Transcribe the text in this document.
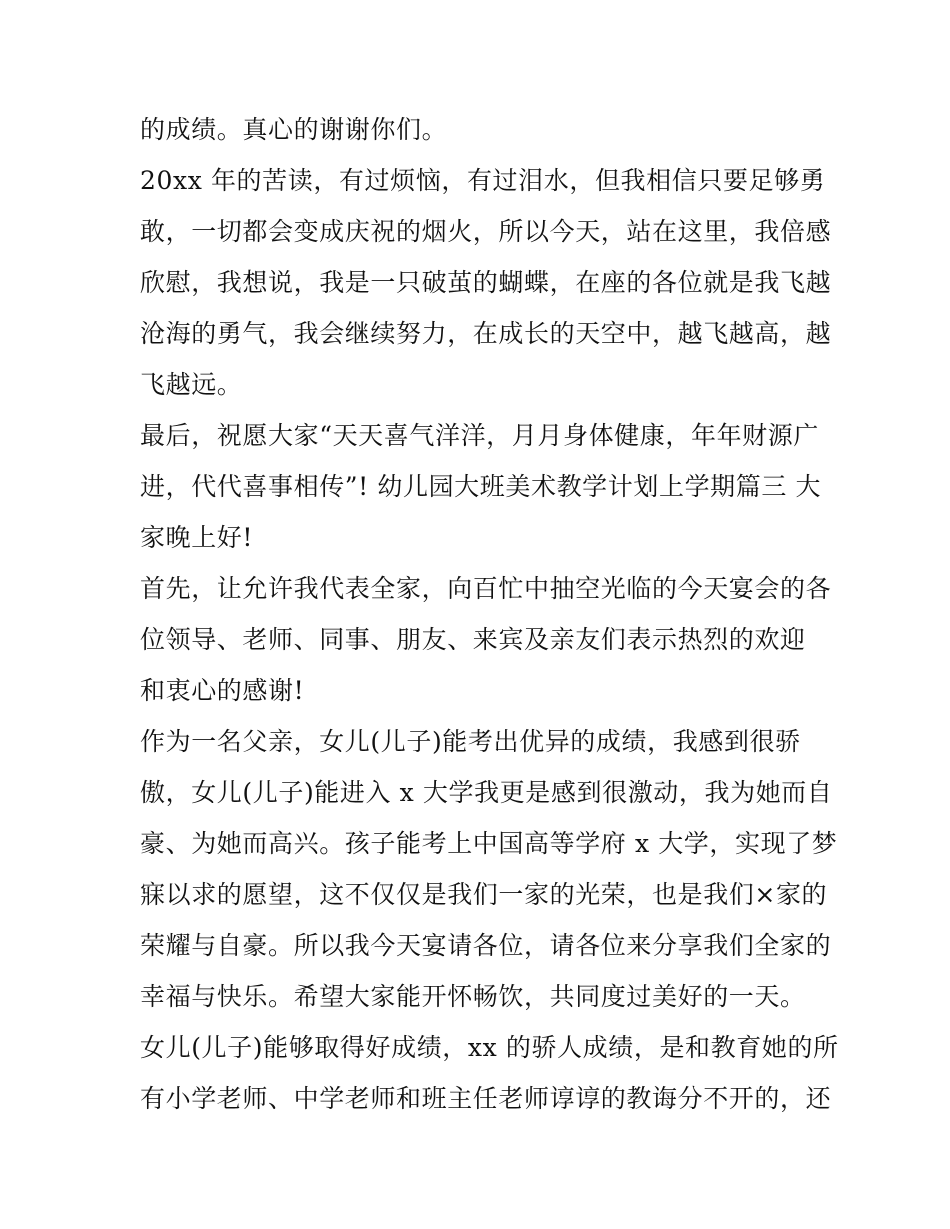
的成绩。真心的谢谢你们。
20xx 年的苦读，有过烦恼，有过泪水，但我相信只要足够勇
敢，一切都会变成庆祝的烟火，所以今天，站在这里，我倍感
欣慰，我想说，我是一只破茧的蝴蝶，在座的各位就是我飞越
沧海的勇气，我会继续努力，在成长的天空中，越飞越高，越
飞越远。
最后，祝愿大家“天天喜气洋洋，月月身体健康，年年财源广
进，代代喜事相传”! 幼儿园大班美术教学计划上学期篇三 大
家晚上好!
首先，让允许我代表全家，向百忙中抽空光临的今天宴会的各
位领导、老师、同事、朋友、来宾及亲友们表示热烈的欢迎
和衷心的感谢!
作为一名父亲，女儿(儿子)能考出优异的成绩，我感到很骄
傲，女儿(儿子)能进入 x 大学我更是感到很激动，我为她而自
豪、为她而高兴。孩子能考上中国高等学府 x 大学，实现了梦
寐以求的愿望，这不仅仅是我们一家的光荣，也是我们×家的
荣耀与自豪。所以我今天宴请各位，请各位来分享我们全家的
幸福与快乐。希望大家能开怀畅饮，共同度过美好的一天。
女儿(儿子)能够取得好成绩，xx 的骄人成绩，是和教育她的所
有小学老师、中学老师和班主任老师谆谆的教诲分不开的，还
